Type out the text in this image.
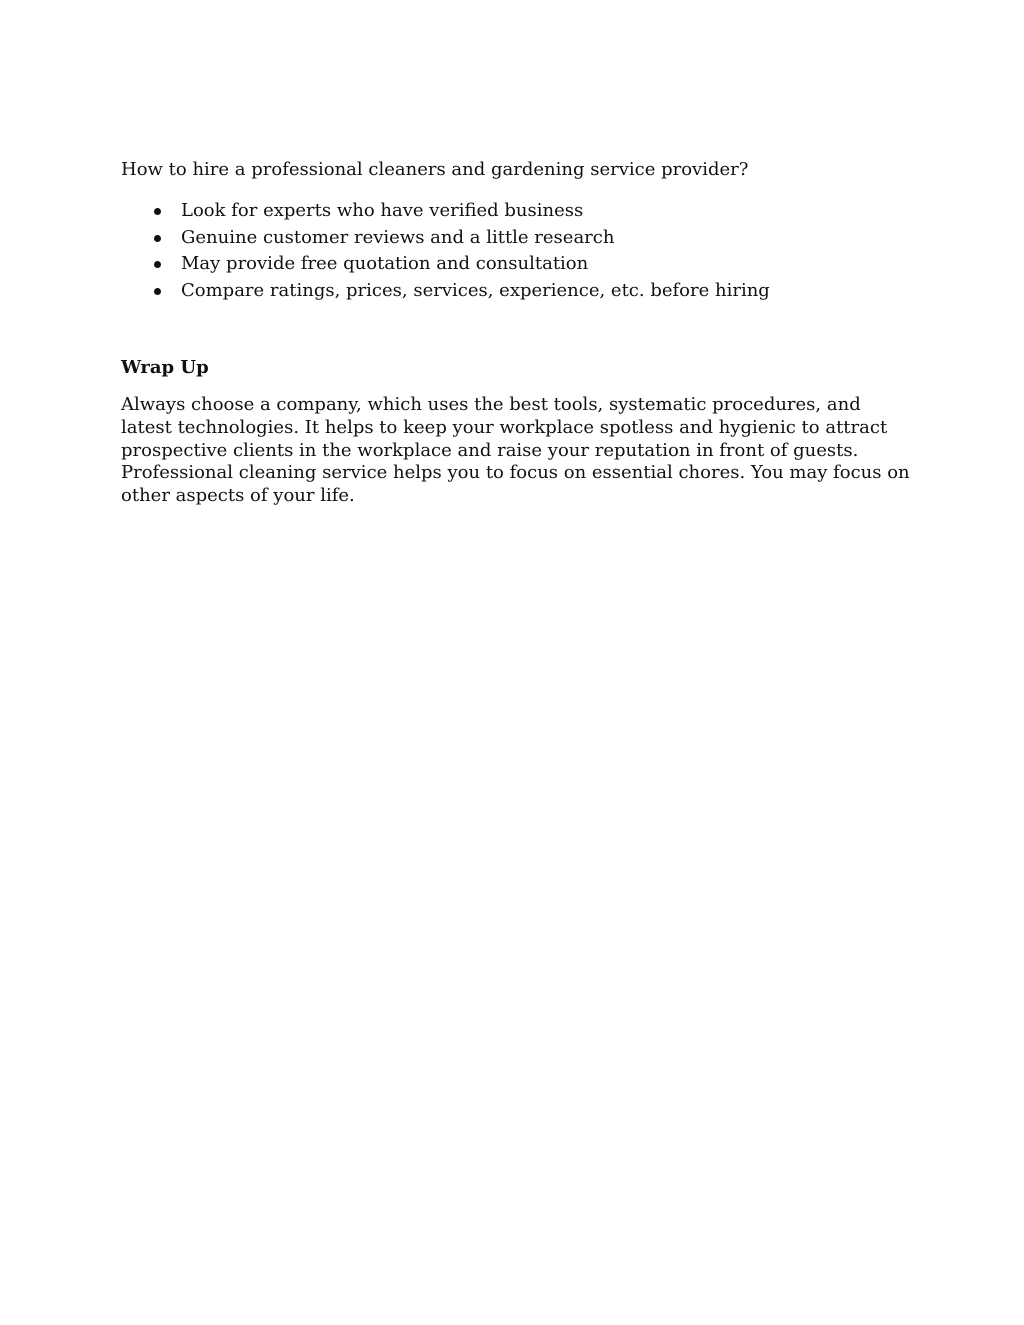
How to hire a professional cleaners and gardening service provider?

Look for experts who have verified business
Genuine customer reviews and a little research
May provide free quotation and consultation
Compare ratings, prices, services, experience, etc. before hiring
Wrap Up

Always choose a company, which uses the best tools, systematic procedures, and latest technologies. It helps to keep your workplace spotless and hygienic to attract prospective clients in the workplace and raise your reputation in front of guests. Professional cleaning service helps you to focus on essential chores. You may focus on other aspects of your life.
